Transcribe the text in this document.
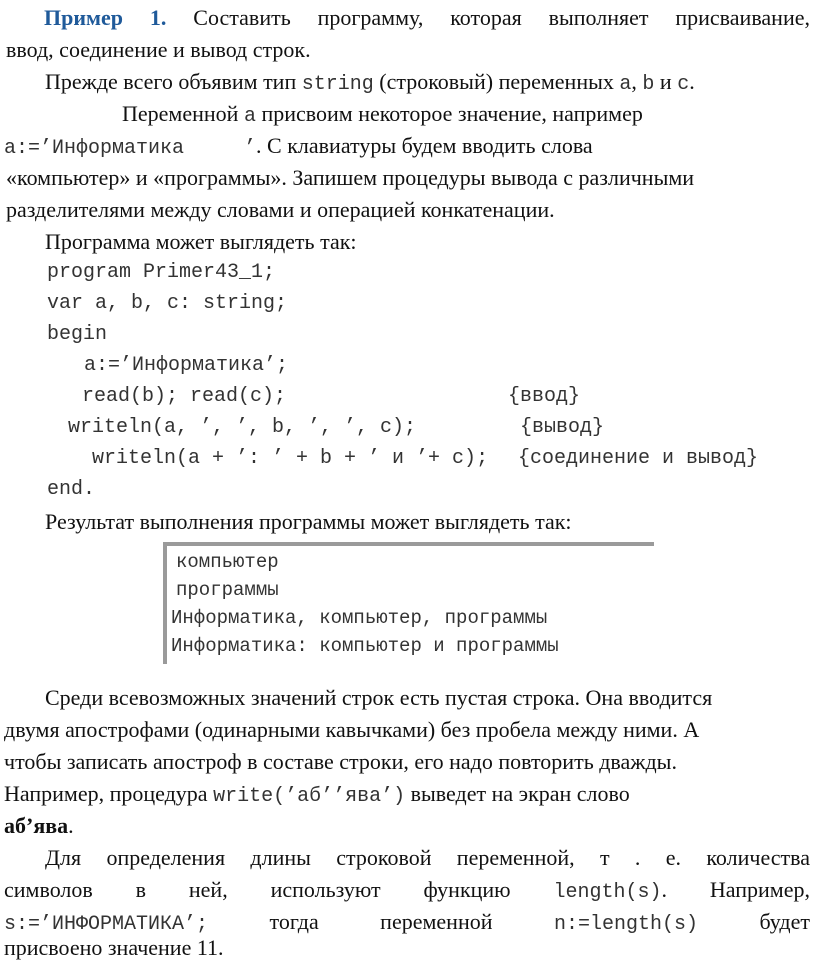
Пример 1. Составить программу, которая выполняет присваивание,
ввод, соединение и вывод строк.
Прежде всего объявим тип string (строковый) переменных a, b и c.
Переменной a присвоим некоторое значение, например
a:=’Информатика     ’. С клавиатуры будем вводить слова
«компьютер» и «программы». Запишем процедуры вывода с различными
разделителями между словами и операцией конкатенации.
Программа может выглядеть так:
program Primer43_1;
var a, b, c: string;
begin
a:=’Информатика’;
read(b); read(c);	{ввод}
writeln(a, ’, ’, b, ’, ’, c);	{вывод}
writeln(a + ’: ’ + b + ’ и ’+ c); {соединение и вывод}
end.
Результат выполнения программы может выглядеть так:
компьютер
программы
Информатика, компьютер, программы
Информатика: компьютер и программы
Среди всевозможных значений строк есть пустая строка. Она вводится
двумя апострофами (одинарными кавычками) без пробела между ними. А
чтобы записать апостроф в составе строки, его надо повторить дважды.
Например, процедура write(’аб’’ява’) выведет на экран слово
аб’ява.
Для определения длины строковой переменной, т . е. количества
символов в ней, используют функцию length(s). Например,
s:=’ИНФОРМАТИКА’; тогда переменной n:=length(s) будет
присвоено значение 11.
